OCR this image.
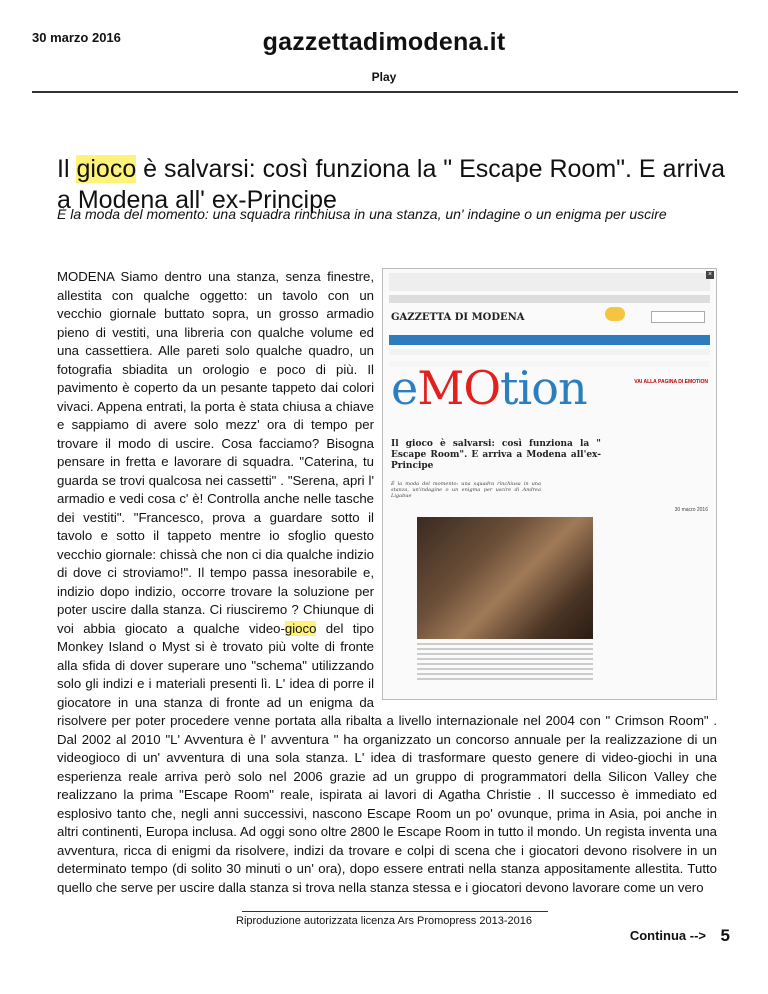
30 marzo 2016	gazzettadimodena.it
Play
Il gioco è salvarsi: così funziona la " Escape Room". E arriva a Modena all' ex-Principe
È la moda del momento: una squadra rinchiusa in una stanza, un' indagine o un enigma per uscire
×
GAZZETTA DI MODENA
VAI ALLA PAGINA DI EMOTION
eMOtion
Il gioco è salvarsi: così funziona la " Escape Room". E arriva a Modena all'ex-Principe
È la moda del momento: una squadra rinchiusa in una stanza, un'indagine o un enigma per uscire di Andrea Ligabue
30 marzo 2016

MODENA Siamo dentro una stanza, senza finestre, allestita con qualche oggetto: un tavolo con un vecchio giornale buttato sopra, un grosso armadio pieno di vestiti, una libreria con qualche volume ed una cassettiera. Alle pareti solo qualche quadro, un fotografia sbiadita un orologio e poco di più. Il pavimento è coperto da un pesante tappeto dai colori vivaci. Appena entrati, la porta è stata chiusa a chiave e sappiamo di avere solo mezz' ora di tempo per trovare il modo di uscire. Cosa facciamo? Bisogna pensare in fretta e lavorare di squadra. "Caterina, tu guarda se trovi qualcosa nei cassetti" . "Serena, apri l' armadio e vedi cosa c' è! Controlla anche nelle tasche dei vestiti". "Francesco, prova a guardare sotto il tavolo e sotto il tappeto mentre io sfoglio questo vecchio giornale: chissà che non ci dia qualche indizio di dove ci stroviamo!". Il tempo passa inesorabile e, indizio dopo indizio, occorre trovare la soluzione per poter uscire dalla stanza. Ci riusciremo ? Chiunque di voi abbia giocato a qualche video-gioco del tipo Monkey Island o Myst si è trovato più volte di fronte alla sfida di dover superare uno "schema" utilizzando solo gli indizi e i materiali presenti lì. L' idea di porre il giocatore in una stanza di fronte ad un enigma da risolvere per poter procedere venne portata alla ribalta a livello internazionale nel 2004 con " Crimson Room" . Dal 2002 al 2010 "L' Avventura è l' avventura " ha organizzato un concorso annuale per la realizzazione di un videogioco di un' avventura di una sola stanza. L' idea di trasformare questo genere di video-giochi in una esperienza reale arriva però solo nel 2006 grazie ad un gruppo di programmatori della Silicon Valley che realizzano la prima "Escape Room" reale, ispirata ai lavori di Agatha Christie . Il successo è immediato ed esplosivo tanto che, negli anni successivi, nascono Escape Room un po' ovunque, prima in Asia, poi anche in altri continenti, Europa inclusa. Ad oggi sono oltre 2800 le Escape Room in tutto il mondo. Un regista inventa una avventura, ricca di enigmi da risolvere, indizi da trovare e colpi di scena che i giocatori devono risolvere in un determinato tempo (di solito 30 minuti o un' ora), dopo essere entrati nella stanza appositamente allestita. Tutto quello che serve per uscire dalla stanza si trova nella stanza stessa e i giocatori devono lavorare come un vero

Riproduzione autorizzata licenza Ars Promopress 2013-2016
Continua --> 5
